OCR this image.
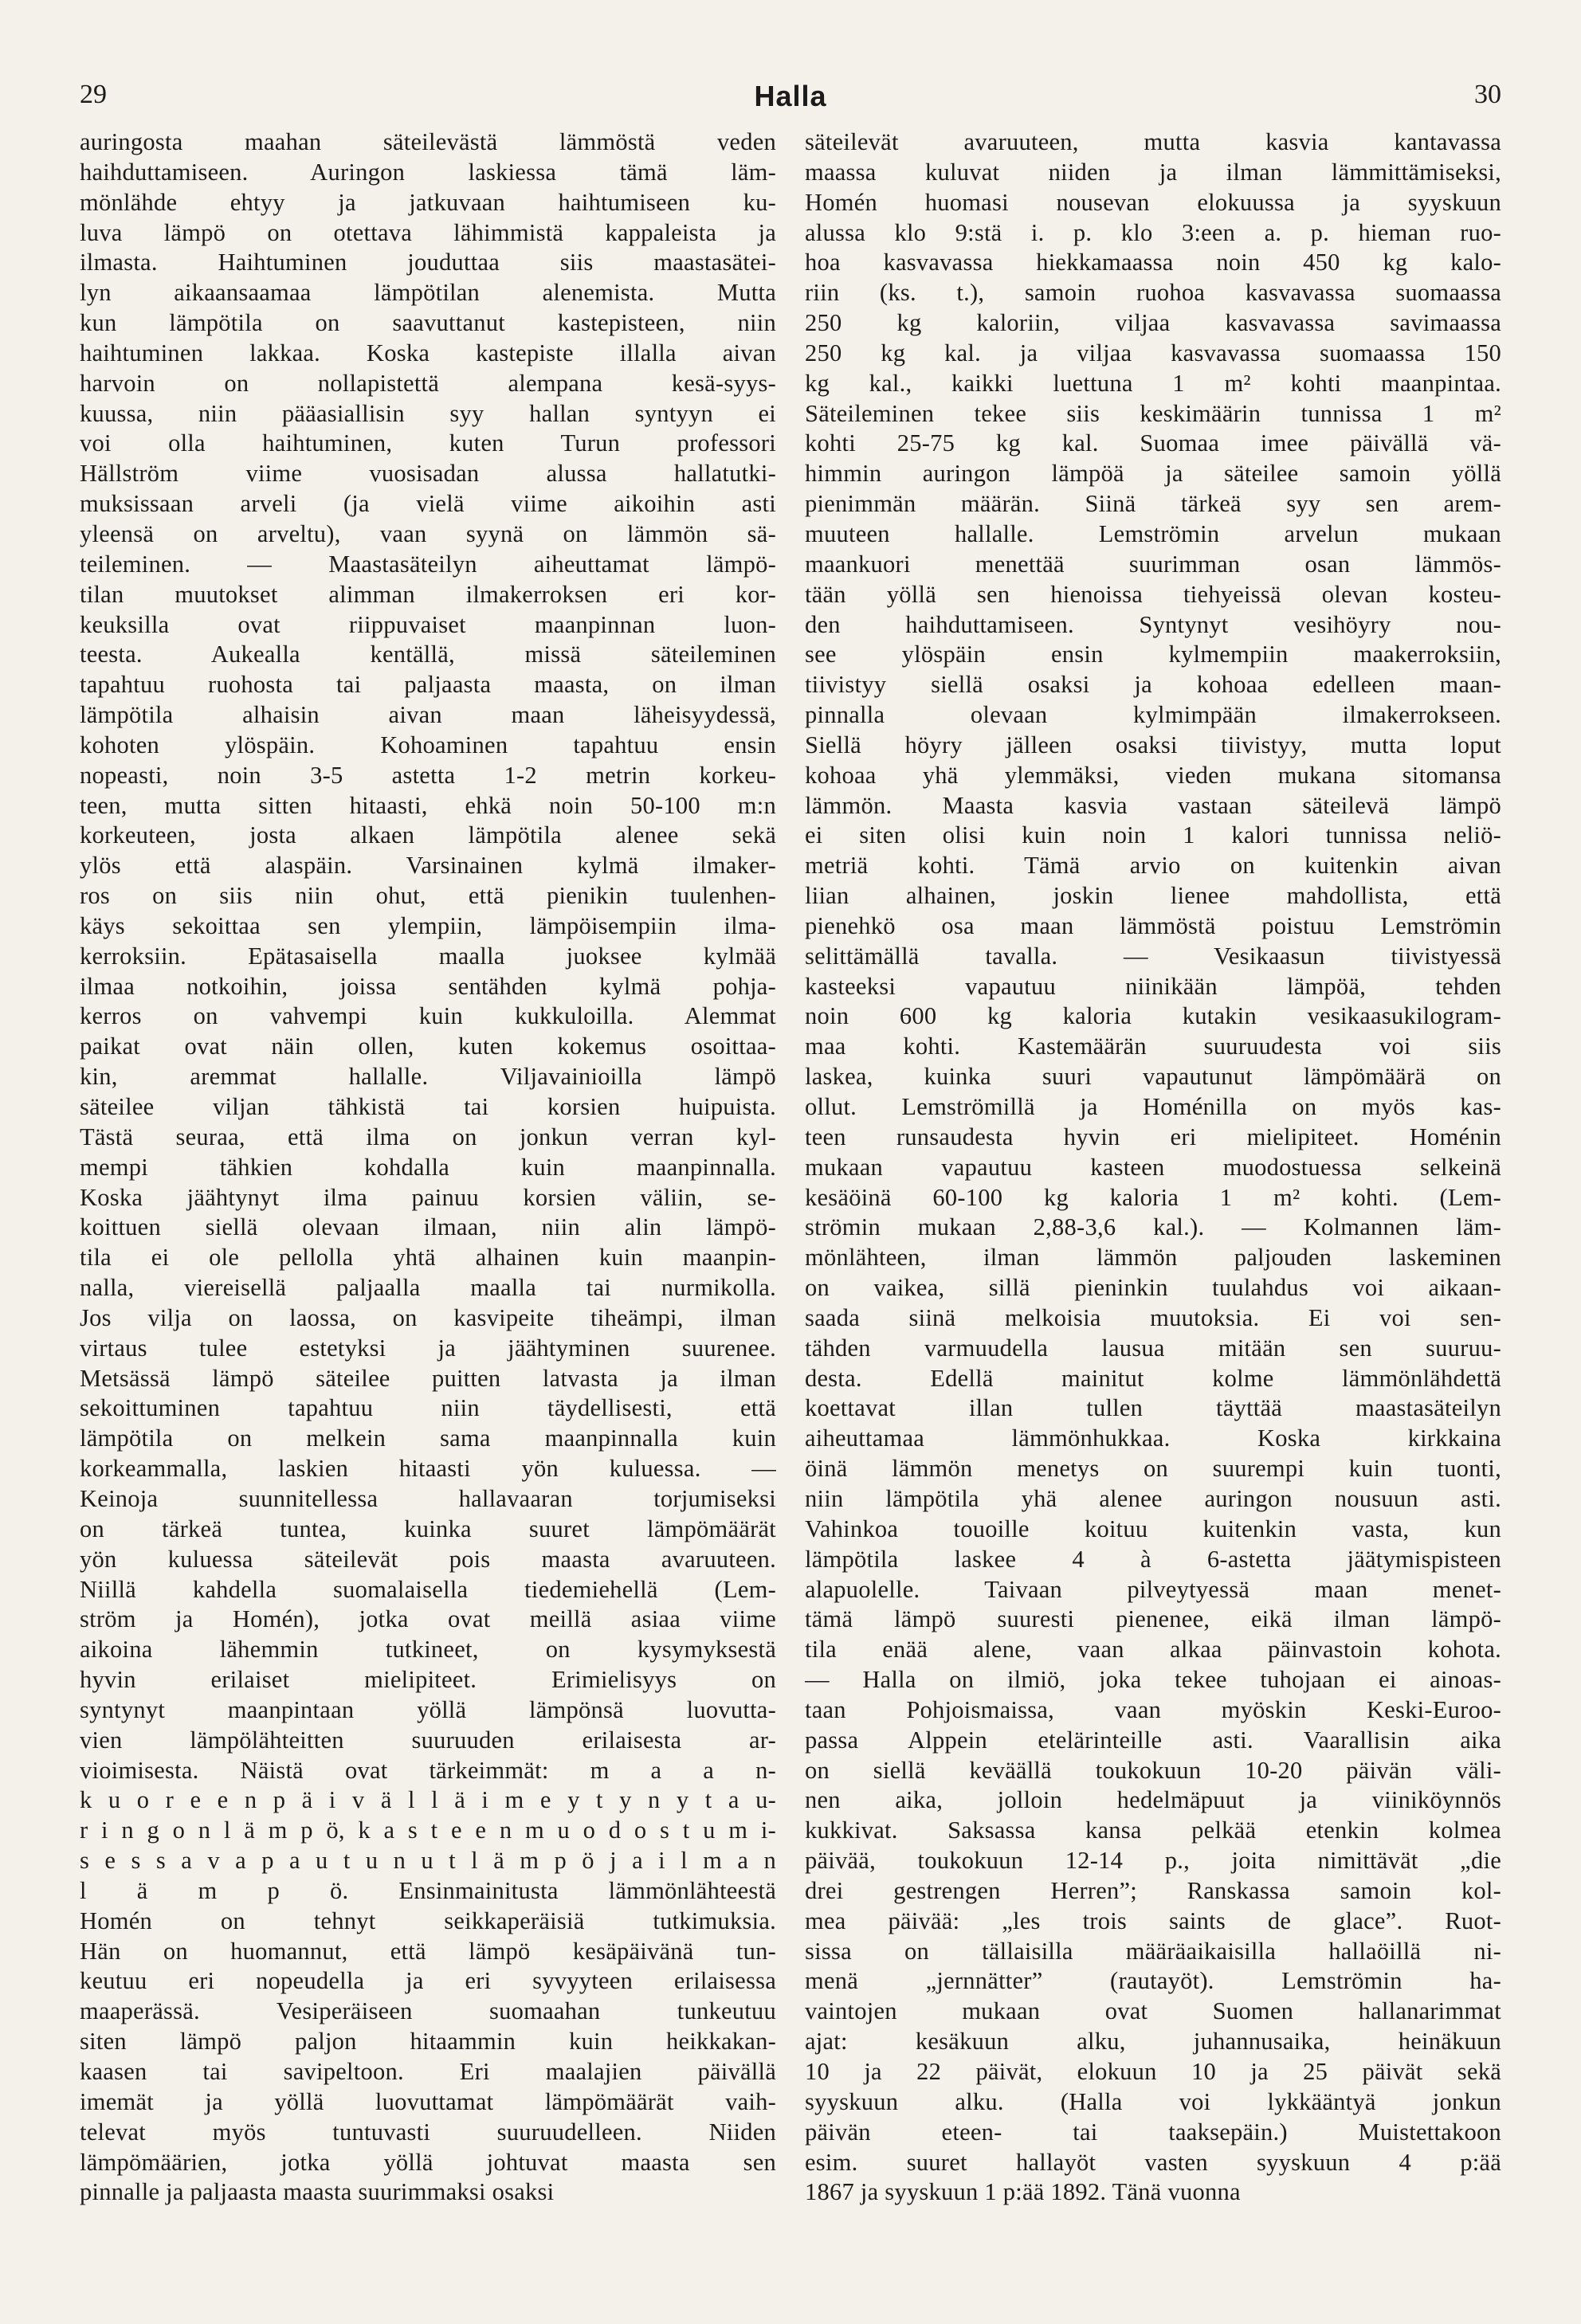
29	Halla	30
auringosta maahan säteilevästä lämmöstä veden
haihduttamiseen. Auringon laskiessa tämä läm-
mönlähde ehtyy ja jatkuvaan haihtumiseen ku-
luva lämpö on otettava lähimmistä kappaleista ja
ilmasta. Haihtuminen jouduttaa siis maastasätei-
lyn aikaansaamaa lämpötilan alenemista. Mutta
kun lämpötila on saavuttanut kastepisteen, niin
haihtuminen lakkaa. Koska kastepiste illalla aivan
harvoin on nollapistettä alempana kesä-syys-
kuussa, niin pääasiallisin syy hallan syntyyn ei
voi olla haihtuminen, kuten Turun professori
Hällström viime vuosisadan alussa hallatutki-
muksissaan arveli (ja vielä viime aikoihin asti
yleensä on arveltu), vaan syynä on lämmön sä-
teileminen. — Maastasäteilyn aiheuttamat lämpö-
tilan muutokset alimman ilmakerroksen eri kor-
keuksilla ovat riippuvaiset maanpinnan luon-
teesta. Aukealla kentällä, missä säteileminen
tapahtuu ruohosta tai paljaasta maasta, on ilman
lämpötila alhaisin aivan maan läheisyydessä,
kohoten ylöspäin. Kohoaminen tapahtuu ensin
nopeasti, noin 3-5 astetta 1-2 metrin korkeu-
teen, mutta sitten hitaasti, ehkä noin 50-100 m:n
korkeuteen, josta alkaen lämpötila alenee sekä
ylös että alaspäin. Varsinainen kylmä ilmaker-
ros on siis niin ohut, että pienikin tuulenhen-
käys sekoittaa sen ylempiin, lämpöisempiin ilma-
kerroksiin. Epätasaisella maalla juoksee kylmää
ilmaa notkoihin, joissa sentähden kylmä pohja-
kerros on vahvempi kuin kukkuloilla. Alemmat
paikat ovat näin ollen, kuten kokemus osoittaa-
kin, aremmat hallalle. Viljavainioilla lämpö
säteilee viljan tähkistä tai korsien huipuista.
Tästä seuraa, että ilma on jonkun verran kyl-
mempi tähkien kohdalla kuin maanpinnalla.
Koska jäähtynyt ilma painuu korsien väliin, se-
koittuen siellä olevaan ilmaan, niin alin lämpö-
tila ei ole pellolla yhtä alhainen kuin maanpin-
nalla, viereisellä paljaalla maalla tai nurmikolla.
Jos vilja on laossa, on kasvipeite tiheämpi, ilman
virtaus tulee estetyksi ja jäähtyminen suurenee.
Metsässä lämpö säteilee puitten latvasta ja ilman
sekoittuminen tapahtuu niin täydellisesti, että
lämpötila on melkein sama maanpinnalla kuin
korkeammalla, laskien hitaasti yön kuluessa. —
Keinoja suunnitellessa hallavaaran torjumiseksi
on tärkeä tuntea, kuinka suuret lämpömäärät
yön kuluessa säteilevät pois maasta avaruuteen.
Niillä kahdella suomalaisella tiedemiehellä (Lem-
ström ja Homén), jotka ovat meillä asiaa viime
aikoina lähemmin tutkineet, on kysymyksestä
hyvin erilaiset mielipiteet. Erimielisyys on
syntynyt maanpintaan yöllä lämpönsä luovutta-
vien lämpölähteitten suuruuden erilaisesta ar-
vioimisesta. Näistä ovat tärkeimmät: m a a n-
k u o r e e n p ä i v ä l l ä i m e y t y n y t a u-
r i n g o n l ä m p ö, k a s t e e n m u o d o s t u m i-
s e s s a v a p a u t u n u t l ä m p ö j a i l m a n
l ä m p ö. Ensinmainitusta lämmönlähteestä
Homén on tehnyt seikkaperäisiä tutkimuksia.
Hän on huomannut, että lämpö kesäpäivänä tun-
keutuu eri nopeudella ja eri syvyyteen erilaisessa
maaperässä. Vesiperäiseen suomaahan tunkeutuu
siten lämpö paljon hitaammin kuin heikkakan-
kaasen tai savipeltoon. Eri maalajien päivällä
imemät ja yöllä luovuttamat lämpömäärät vaih-
televat myös tuntuvasti suuruudelleen. Niiden
lämpömäärien, jotka yöllä johtuvat maasta sen
pinnalle ja paljaasta maasta suurimmaksi osaksi
säteilevät avaruuteen, mutta kasvia kantavassa
maassa kuluvat niiden ja ilman lämmittämiseksi,
Homén huomasi nousevan elokuussa ja syyskuun
alussa klo 9:stä i. p. klo 3:een a. p. hieman ruo-
hoa kasvavassa hiekkamaassa noin 450 kg kalo-
riin (ks. t.), samoin ruohoa kasvavassa suomaassa
250 kg kaloriin, viljaa kasvavassa savimaassa
250 kg kal. ja viljaa kasvavassa suomaassa 150
kg kal., kaikki luettuna 1 m² kohti maanpintaa.
Säteileminen tekee siis keskimäärin tunnissa 1 m²
kohti 25-75 kg kal. Suomaa imee päivällä vä-
himmin auringon lämpöä ja säteilee samoin yöllä
pienimmän määrän. Siinä tärkeä syy sen arem-
muuteen hallalle. Lemströmin arvelun mukaan
maankuori menettää suurimman osan lämmös-
tään yöllä sen hienoissa tiehyeissä olevan kosteu-
den haihduttamiseen. Syntynyt vesihöyry nou-
see ylöspäin ensin kylmempiin maakerroksiin,
tiivistyy siellä osaksi ja kohoaa edelleen maan-
pinnalla olevaan kylmimpään ilmakerrokseen.
Siellä höyry jälleen osaksi tiivistyy, mutta loput
kohoaa yhä ylemmäksi, vieden mukana sitomansa
lämmön. Maasta kasvia vastaan säteilevä lämpö
ei siten olisi kuin noin 1 kalori tunnissa neliö-
metriä kohti. Tämä arvio on kuitenkin aivan
liian alhainen, joskin lienee mahdollista, että
pienehkö osa maan lämmöstä poistuu Lemströmin
selittämällä tavalla. — Vesikaasun tiivistyessä
kasteeksi vapautuu niinikään lämpöä, tehden
noin 600 kg kaloria kutakin vesikaasukilogram-
maa kohti. Kastemäärän suuruudesta voi siis
laskea, kuinka suuri vapautunut lämpömäärä on
ollut. Lemströmillä ja Homénilla on myös kas-
teen runsaudesta hyvin eri mielipiteet. Homénin
mukaan vapautuu kasteen muodostuessa selkeinä
kesäöinä 60-100 kg kaloria 1 m² kohti. (Lem-
strömin mukaan 2,88-3,6 kal.). — Kolmannen läm-
mönlähteen, ilman lämmön paljouden laskeminen
on vaikea, sillä pieninkin tuulahdus voi aikaan-
saada siinä melkoisia muutoksia. Ei voi sen-
tähden varmuudella lausua mitään sen suuruu-
desta. Edellä mainitut kolme lämmönlähdettä
koettavat illan tullen täyttää maastasäteilyn
aiheuttamaa lämmönhukkaa. Koska kirkkaina
öinä lämmön menetys on suurempi kuin tuonti,
niin lämpötila yhä alenee auringon nousuun asti.
Vahinkoa touoille koituu kuitenkin vasta, kun
lämpötila laskee 4 à 6-astetta jäätymispisteen
alapuolelle. Taivaan pilveytyessä maan menet-
tämä lämpö suuresti pienenee, eikä ilman lämpö-
tila enää alene, vaan alkaa päinvastoin kohota.
— Halla on ilmiö, joka tekee tuhojaan ei ainoas-
taan Pohjoismaissa, vaan myöskin Keski-Euroo-
passa Alppein etelärinteille asti. Vaarallisin aika
on siellä keväällä toukokuun 10-20 päivän väli-
nen aika, jolloin hedelmäpuut ja viiniköynnös
kukkivat. Saksassa kansa pelkää etenkin kolmea
päivää, toukokuun 12-14 p., joita nimittävät „die
drei gestrengen Herren”; Ranskassa samoin kol-
mea päivää: „les trois saints de glace”. Ruot-
sissa on tällaisilla määräaikaisilla hallaöillä ni-
menä „jernnätter” (rautayöt). Lemströmin ha-
vaintojen mukaan ovat Suomen hallanarimmat
ajat: kesäkuun alku, juhannusaika, heinäkuun
10 ja 22 päivät, elokuun 10 ja 25 päivät sekä
syyskuun alku. (Halla voi lykkääntyä jonkun
päivän eteen- tai taaksepäin.) Muistettakoon
esim. suuret hallayöt vasten syyskuun 4 p:ää
1867 ja syyskuun 1 p:ää 1892. Tänä vuonna
